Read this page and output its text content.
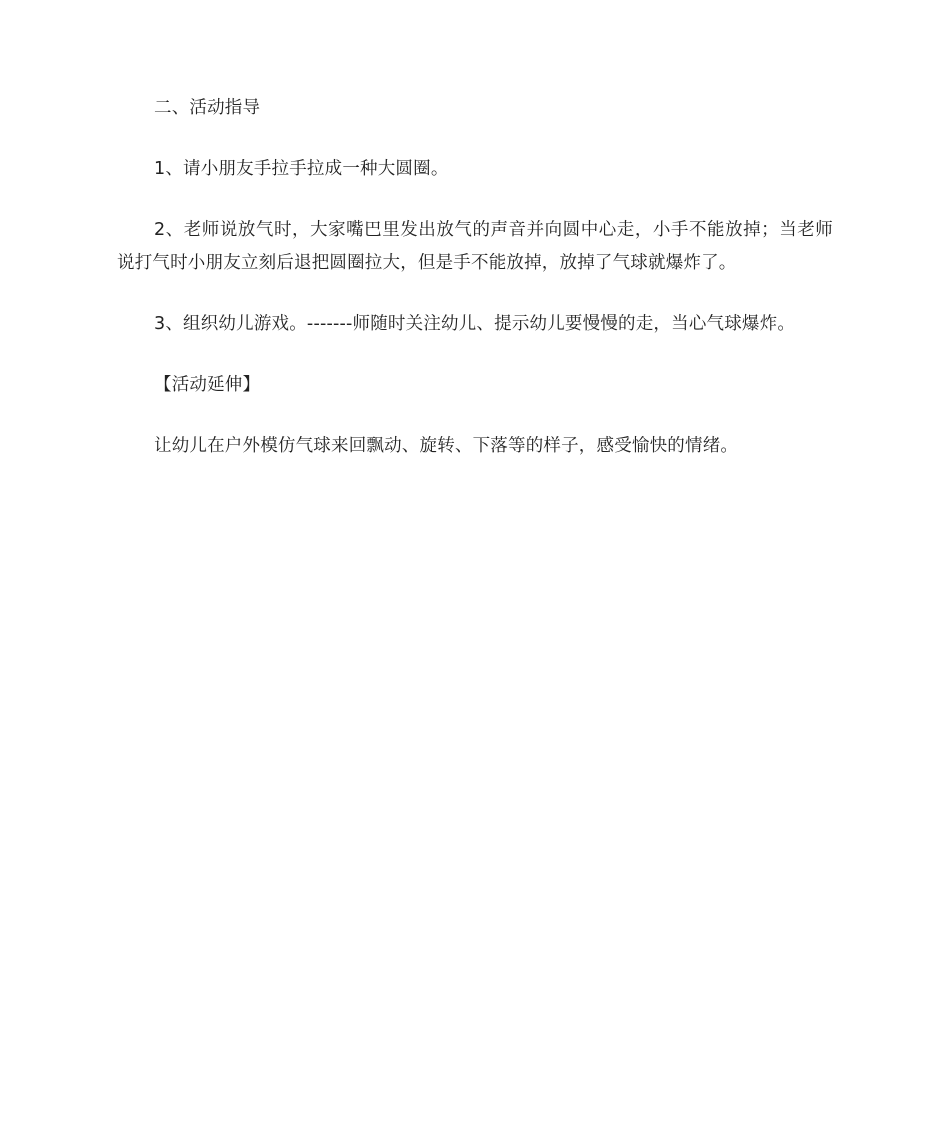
二、活动指导

1、请小朋友手拉手拉成一种大圆圈。

2、老师说放气时，大家嘴巴里发出放气的声音并向圆中心走，小手不能放掉；当老师说打气时小朋友立刻后退把圆圈拉大，但是手不能放掉，放掉了气球就爆炸了。

3、组织幼儿游戏。-------师随时关注幼儿、提示幼儿要慢慢的走，当心气球爆炸。

【活动延伸】

让幼儿在户外模仿气球来回飘动、旋转、下落等的样子，感受愉快的情绪。
